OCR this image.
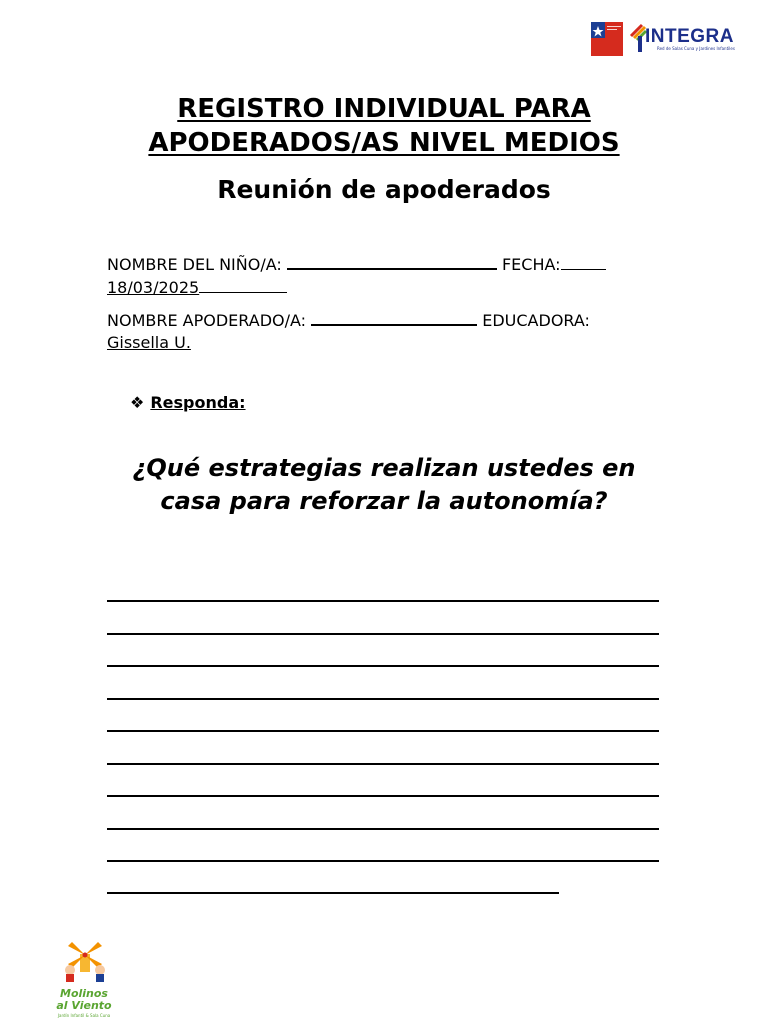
INTEGRA
Red de Salas Cuna y Jardines Infantiles
REGISTRO INDIVIDUAL PARA
APODERADOS/AS NIVEL MEDIOS
Reunión de apoderados
NOMBRE DEL NIÑO/A:	FECHA:
18/03/2025
NOMBRE APODERADO/A:	EDUCADORA:
Gissella U.
❖ Responda:
¿Qué estrategias realizan ustedes en
casa para reforzar la autonomía?
Molinos
al Viento
Jardín Infantil & Sala Cuna
